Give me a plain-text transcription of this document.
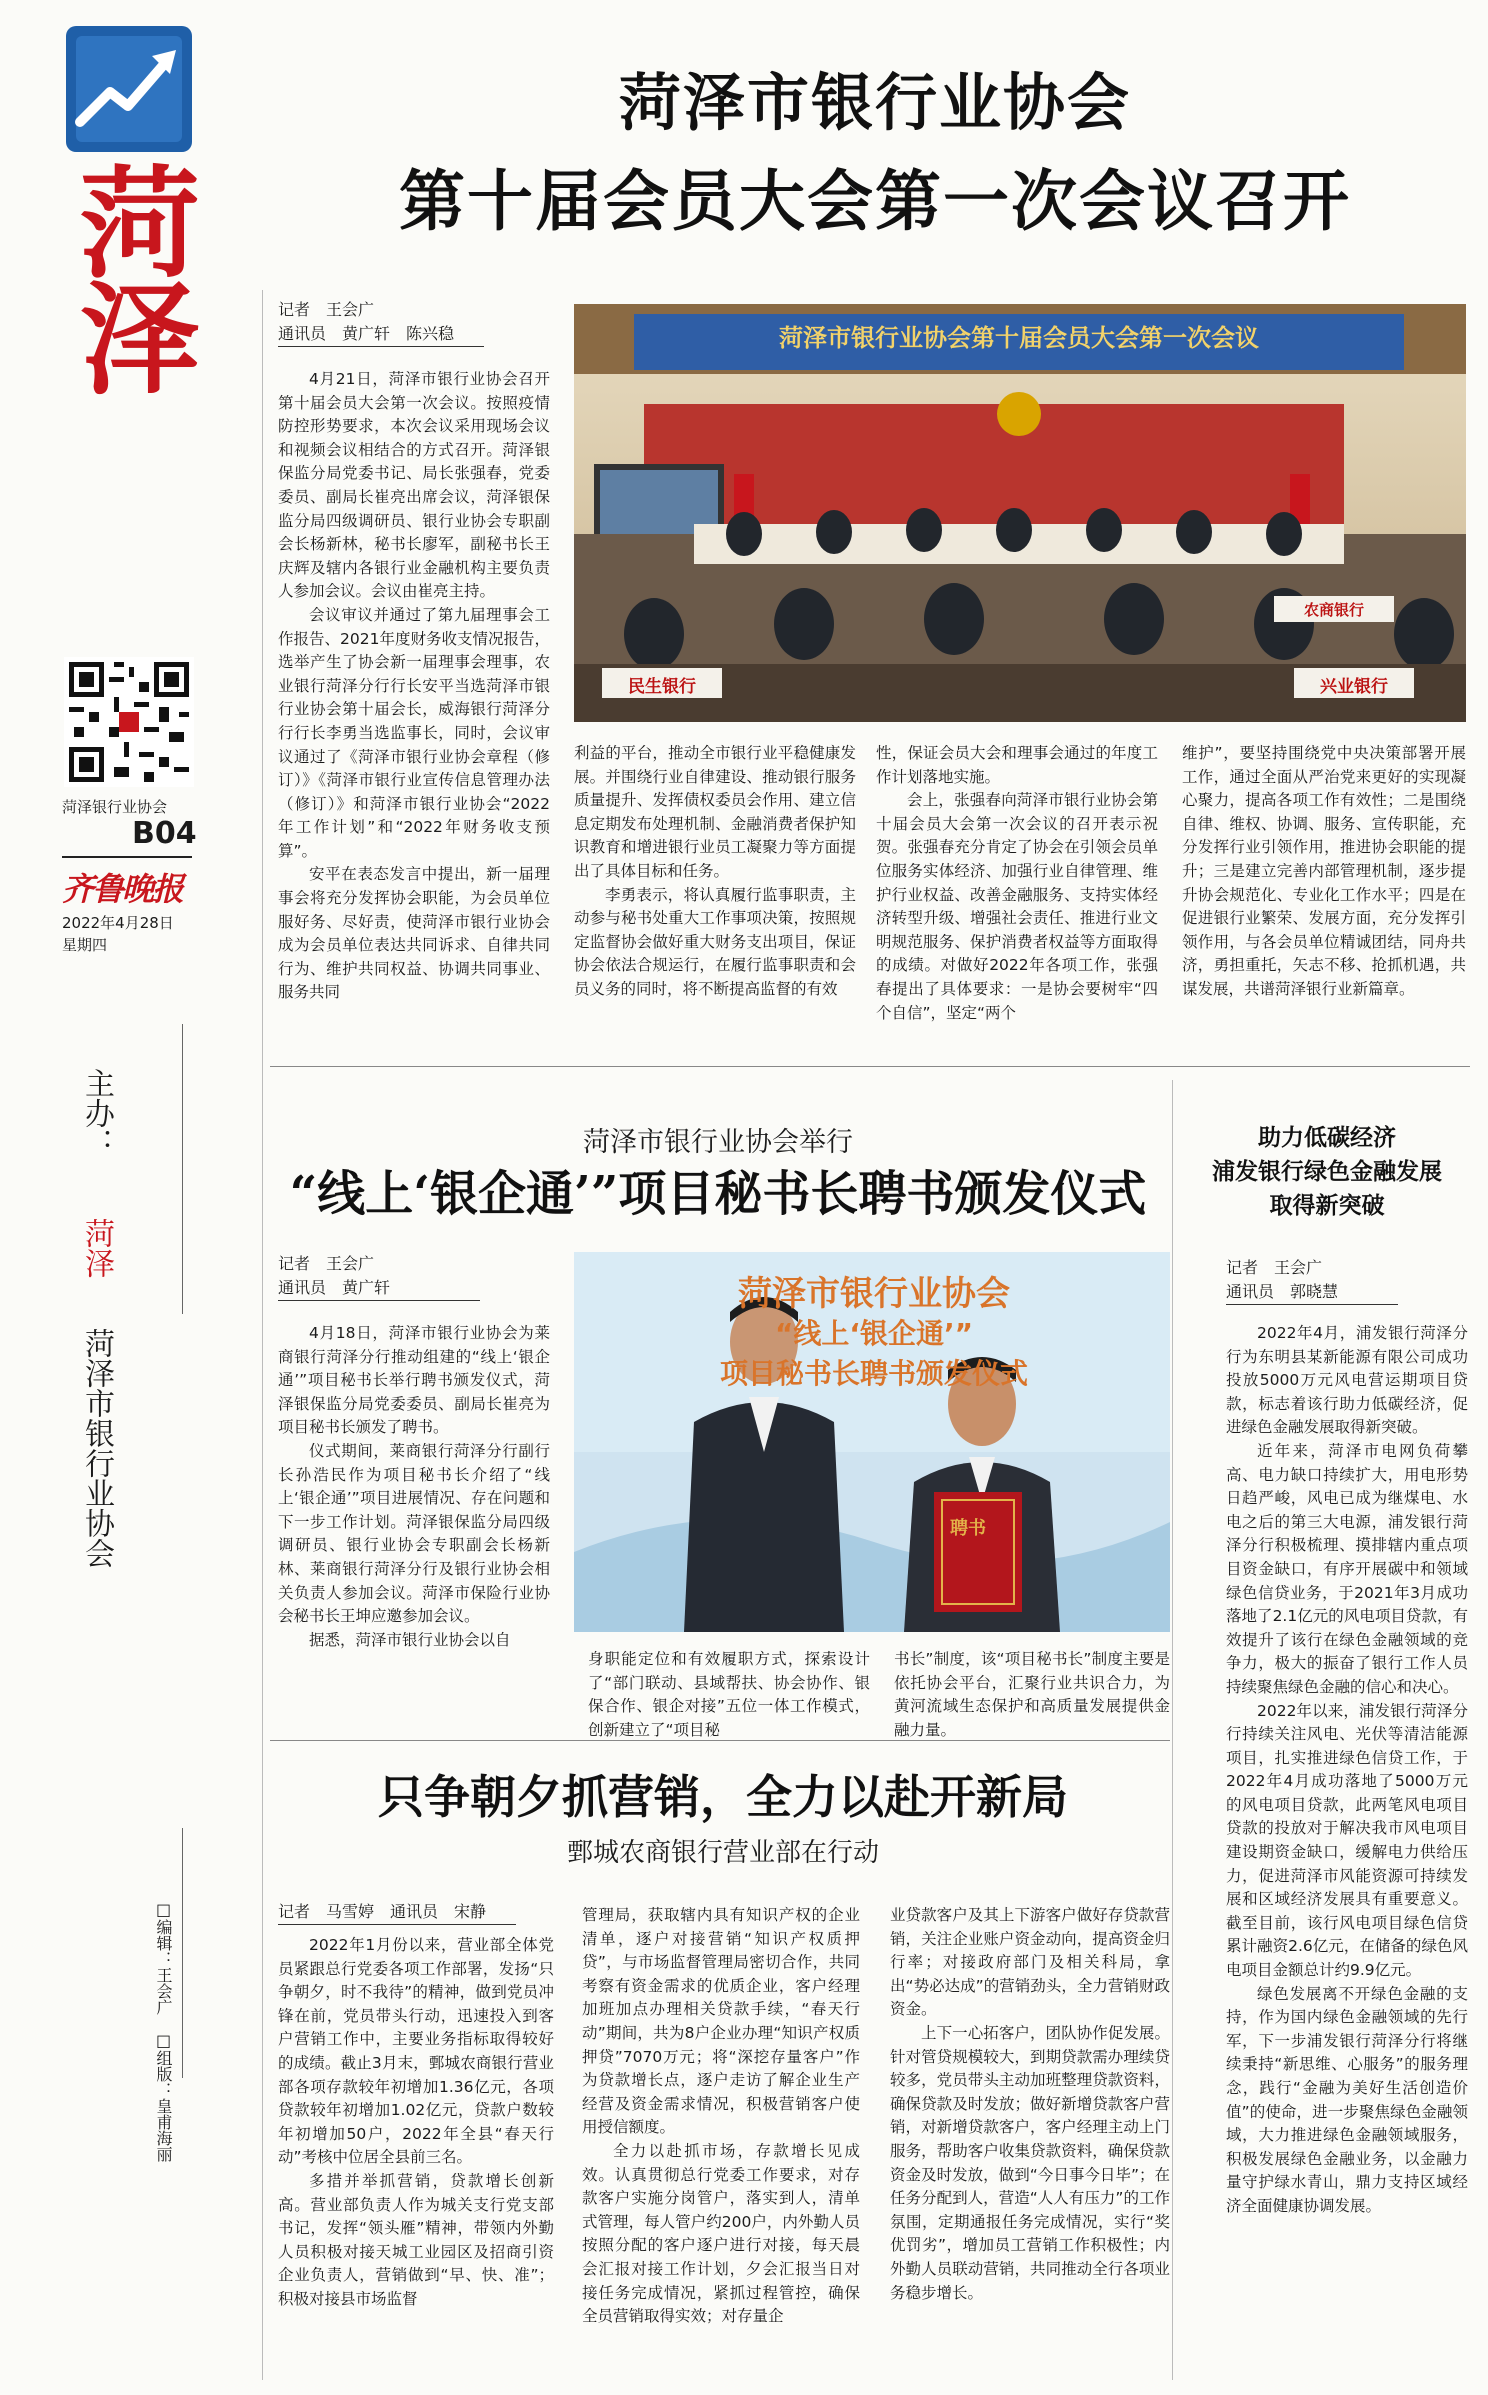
菏泽
菏泽银行业协会
B04
齐鲁晚报
2022年4月28日
星期四
主办：
菏泽
菏泽市银行业协会
□编辑：王会广　□组版：皇甫海丽
菏泽市银行业协会
第十届会员大会第一次会议召开
记者　王会广
通讯员　黄广轩　陈兴稳	菏泽市银行业协会第十届会员大会第一次会议
民生银行	兴业银行
农商银行

4月21日，菏泽市银行业协会召开第十届会员大会第一次会议。按照疫情防控形势要求，本次会议采用现场会议和视频会议相结合的方式召开。菏泽银保监分局党委书记、局长张强春，党委委员、副局长崔亮出席会议，菏泽银保监分局四级调研员、银行业协会专职副会长杨新林，秘书长廖军，副秘书长王庆辉及辖内各银行业金融机构主要负责人参加会议。会议由崔亮主持。

会议审议并通过了第九届理事会工作报告、2021年度财务收支情况报告，选举产生了协会新一届理事会理事，农业银行菏泽分行行长安平当选菏泽市银行业协会第十届会长，威海银行菏泽分行行长李勇当选监事长，同时，会议审议通过了《菏泽市银行业协会章程（修订）》《菏泽市银行业宣传信息管理办法（修订）》和菏泽市银行业协会“2022年工作计划”和“2022年财务收支预算”。

安平在表态发言中提出，新一届理事会将充分发挥协会职能，为会员单位服好务、尽好责，使菏泽市银行业协会成为会员单位表达共同诉求、自律共同行为、维护共同权益、协调共同事业、服务共同

利益的平台，推动全市银行业平稳健康发展。并围绕行业自律建设、推动银行服务质量提升、发挥债权委员会作用、建立信息定期发布处理机制、金融消费者保护知识教育和增进银行业员工凝聚力等方面提出了具体目标和任务。

李勇表示，将认真履行监事职责，主动参与秘书处重大工作事项决策，按照规定监督协会做好重大财务支出项目，保证协会依法合规运行，在履行监事职责和会员义务的同时，将不断提高监督的有效

性，保证会员大会和理事会通过的年度工作计划落地实施。

会上，张强春向菏泽市银行业协会第十届会员大会第一次会议的召开表示祝贺。张强春充分肯定了协会在引领会员单位服务实体经济、加强行业自律管理、维护行业权益、改善金融服务、支持实体经济转型升级、增强社会责任、推进行业文明规范服务、保护消费者权益等方面取得的成绩。对做好2022年各项工作，张强春提出了具体要求：一是协会要树牢“四个自信”，坚定“两个

维护”，要坚持围绕党中央决策部署开展工作，通过全面从严治党来更好的实现凝心聚力，提高各项工作有效性；二是围绕自律、维权、协调、服务、宣传职能，充分发挥行业引领作用，推进协会职能的提升；三是建立完善内部管理机制，逐步提升协会规范化、专业化工作水平；四是在促进银行业繁荣、发展方面，充分发挥引领作用，与各会员单位精诚团结，同舟共济，勇担重托，矢志不移、抢抓机遇，共谋发展，共谱菏泽银行业新篇章。

菏泽市银行业协会举行
“线上‘银企通’”项目秘书长聘书颁发仪式
记者　王会广
通讯员　黄广轩	菏泽市银行业协会
“线上‘银企通’”
项目秘书长聘书颁发仪式
聘书

4月18日，菏泽市银行业协会为莱商银行菏泽分行推动组建的“线上‘银企通’”项目秘书长举行聘书颁发仪式，菏泽银保监分局党委委员、副局长崔亮为项目秘书长颁发了聘书。

仪式期间，莱商银行菏泽分行副行长孙浩民作为项目秘书长介绍了“线上‘银企通’”项目进展情况、存在问题和下一步工作计划。菏泽银保监分局四级调研员、银行业协会专职副会长杨新林、莱商银行菏泽分行及银行业协会相关负责人参加会议。菏泽市保险行业协会秘书长王坤应邀参加会议。

据悉，菏泽市银行业协会以自

身职能定位和有效履职方式，探索设计了“部门联动、县域帮扶、协会协作、银保合作、银企对接”五位一体工作模式，创新建立了“项目秘

书长”制度，该“项目秘书长”制度主要是依托协会平台，汇聚行业共识合力，为黄河流域生态保护和高质量发展提供金融力量。

助力低碳经济
浦发银行绿色金融发展
取得新突破
记者　王会广
通讯员　郭晓慧

2022年4月，浦发银行菏泽分行为东明县某新能源有限公司成功投放5000万元风电营运期项目贷款，标志着该行助力低碳经济，促进绿色金融发展取得新突破。

近年来，菏泽市电网负荷攀高、电力缺口持续扩大，用电形势日趋严峻，风电已成为继煤电、水电之后的第三大电源，浦发银行菏泽分行积极梳理、摸排辖内重点项目资金缺口，有序开展碳中和领域绿色信贷业务，于2021年3月成功落地了2.1亿元的风电项目贷款，有效提升了该行在绿色金融领域的竞争力，极大的振奋了银行工作人员持续聚焦绿色金融的信心和决心。

2022年以来，浦发银行菏泽分行持续关注风电、光伏等清洁能源项目，扎实推进绿色信贷工作，于2022年4月成功落地了5000万元的风电项目贷款，此两笔风电项目贷款的投放对于解决我市风电项目建设期资金缺口，缓解电力供给压力，促进菏泽市风能资源可持续发展和区域经济发展具有重要意义。截至目前，该行风电项目绿色信贷累计融资2.6亿元，在储备的绿色风电项目金额总计约9.9亿元。

绿色发展离不开绿色金融的支持，作为国内绿色金融领域的先行军，下一步浦发银行菏泽分行将继续秉持“新思维、心服务”的服务理念，践行“金融为美好生活创造价值”的使命，进一步聚焦绿色金融领域，大力推进绿色金融领域服务，积极发展绿色金融业务，以金融力量守护绿水青山，鼎力支持区域经济全面健康协调发展。

只争朝夕抓营销，全力以赴开新局
鄄城农商银行营业部在行动
记者　马雪婷　通讯员　宋静

2022年1月份以来，营业部全体党员紧跟总行党委各项工作部署，发扬“只争朝夕，时不我待”的精神，做到党员冲锋在前，党员带头行动，迅速投入到客户营销工作中，主要业务指标取得较好的成绩。截止3月末，鄄城农商银行营业部各项存款较年初增加1.36亿元，各项贷款较年初增加1.02亿元，贷款户数较年初增加50户，2022年全县“春天行动”考核中位居全县前三名。

多措并举抓营销，贷款增长创新高。营业部负责人作为城关支行党支部书记，发挥“领头雁”精神，带领内外勤人员积极对接天城工业园区及招商引资企业负责人，营销做到“早、快、准”；积极对接县市场监督

管理局，获取辖内具有知识产权的企业清单，逐户对接营销“知识产权质押贷”，与市场监督管理局密切合作，共同考察有资金需求的优质企业，客户经理加班加点办理相关贷款手续，“春天行动”期间，共为8户企业办理“知识产权质押贷”7070万元；将“深挖存量客户”作为贷款增长点，逐户走访了解企业生产经营及资金需求情况，积极营销客户使用授信额度。

全力以赴抓市场，存款增长见成效。认真贯彻总行党委工作要求，对存款客户实施分岗管户，落实到人，清单式管理，每人管户约200户，内外勤人员按照分配的客户逐户进行对接，每天晨会汇报对接工作计划，夕会汇报当日对接任务完成情况，紧抓过程管控，确保全员营销取得实效；对存量企

业贷款客户及其上下游客户做好存贷款营销，关注企业账户资金动向，提高资金归行率；对接政府部门及相关科局，拿出“势必达成”的营销劲头，全力营销财政资金。

上下一心拓客户，团队协作促发展。针对管贷规模较大，到期贷款需办理续贷较多，党员带头主动加班整理贷款资料，确保贷款及时发放；做好新增贷款客户营销，对新增贷款客户，客户经理主动上门服务，帮助客户收集贷款资料，确保贷款资金及时发放，做到“今日事今日毕”；在任务分配到人，营造“人人有压力”的工作氛围，定期通报任务完成情况，实行“奖优罚劣”，增加员工营销工作积极性；内外勤人员联动营销，共同推动全行各项业务稳步增长。
